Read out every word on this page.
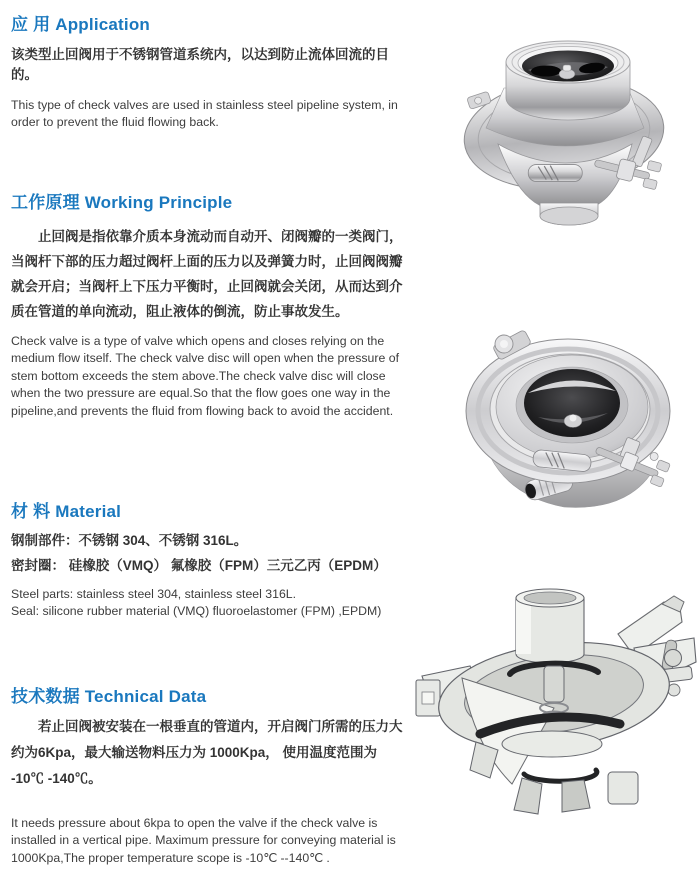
应 用 Application

该类型止回阀用于不锈钢管道系统内，以达到防止流体回流的目的。

This type of check valves are used in stainless steel pipeline system, in order to prevent the fluid flowing back.

工作原理 Working Principle

止回阀是指依靠介质本身流动而自动开、闭阀瓣的一类阀门，当阀杆下部的压力超过阀杆上面的压力以及弹簧力时，止回阀阀瓣就会开启；当阀杆上下压力平衡时，止回阀就会关闭，从而达到介质在管道的单向流动，阻止液体的倒流，防止事故发生。

Check valve is a type of valve which opens and closes relying on the medium flow itself. The check valve disc will open when the pressure of stem bottom exceeds the stem above.The check valve disc will close when the two pressure are equal.So that the flow goes one way in the pipeline,and prevents the fluid from flowing back to avoid the accident.

材 料 Material

钢制部件：不锈钢 304、不锈钢 316L。

密封圈： 硅橡胶（VMQ） 氟橡胶（FPM）三元乙丙（EPDM）

Steel parts: stainless steel 304, stainless steel 316L.

Seal: silicone rubber material (VMQ) fluoroelastomer (FPM) ,EPDM)

技术数据 Technical Data

若止回阀被安装在一根垂直的管道内，开启阀门所需的压力大约为6Kpa，最大输送物料压力为 1000Kpa， 使用温度范围为 -10℃ -140℃。

It needs pressure about 6kpa to open the valve if the check valve is installed in a vertical pipe. Maximum pressure for conveying material is 1000Kpa,The proper temperature scope is -10℃ --140℃ .
